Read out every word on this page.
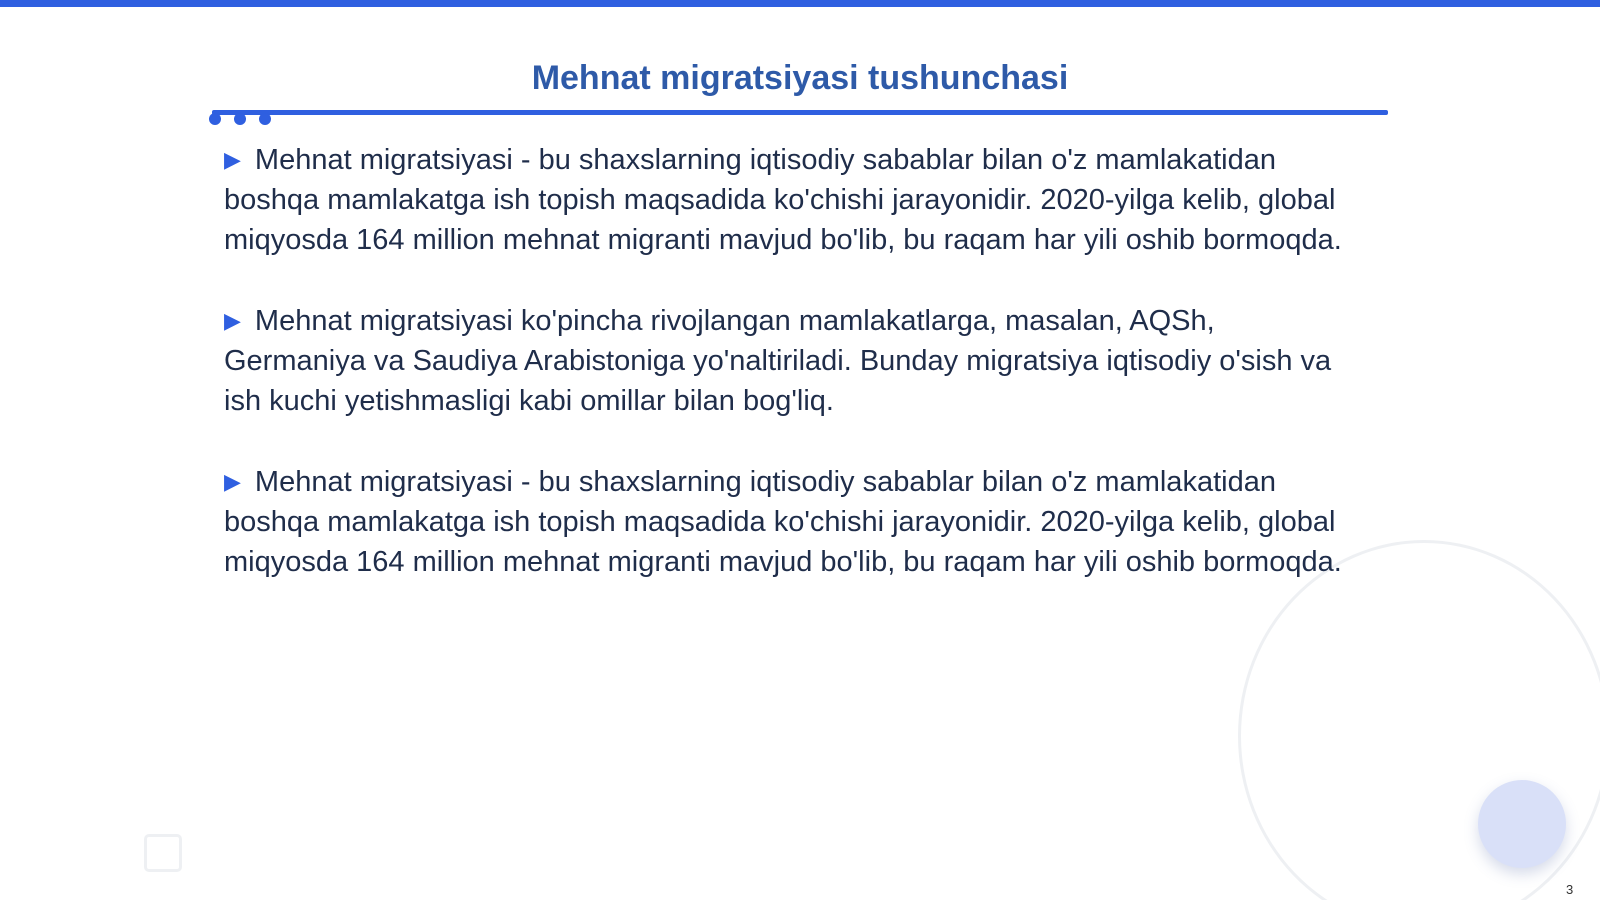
Mehnat migratsiyasi tushunchasi

▶ Mehnat migratsiyasi - bu shaxslarning iqtisodiy sabablar bilan o'z mamlakatidan boshqa mamlakatga ish topish maqsadida ko'chishi jarayonidir. 2020-yilga kelib, global miqyosda 164 million mehnat migranti mavjud bo'lib, bu raqam har yili oshib bormoqda.

▶ Mehnat migratsiyasi ko'pincha rivojlangan mamlakatlarga, masalan, AQSh, Germaniya va Saudiya Arabistoniga yo'naltiriladi. Bunday migratsiya iqtisodiy o'sish va ish kuchi yetishmasligi kabi omillar bilan bog'liq.

▶ Mehnat migratsiyasi - bu shaxslarning iqtisodiy sabablar bilan o'z mamlakatidan boshqa mamlakatga ish topish maqsadida ko'chishi jarayonidir. 2020-yilga kelib, global miqyosda 164 million mehnat migranti mavjud bo'lib, bu raqam har yili oshib bormoqda.

3
